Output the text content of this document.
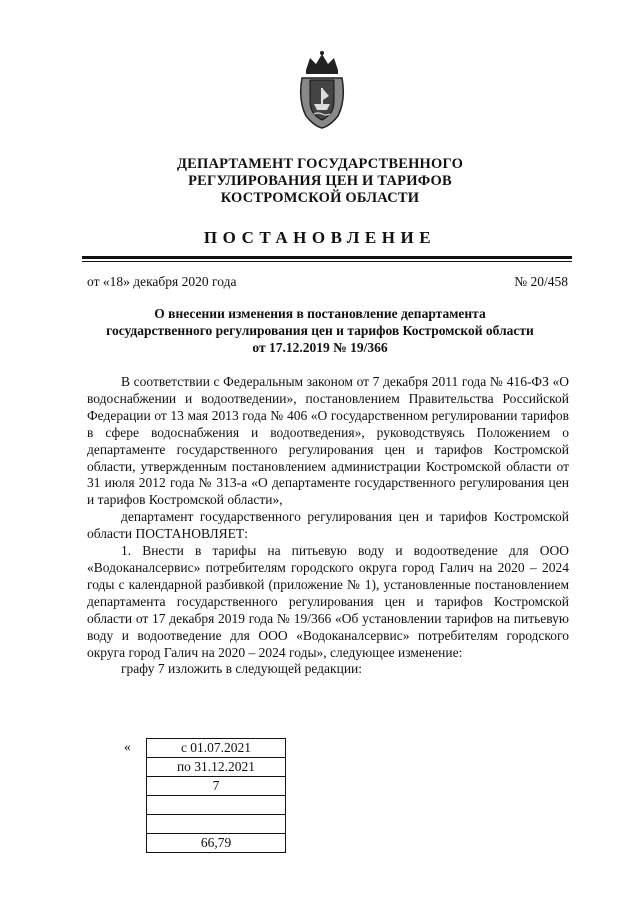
ДЕПАРТАМЕНТ ГОСУДАРСТВЕННОГО
РЕГУЛИРОВАНИЯ ЦЕН И ТАРИФОВ
КОСТРОМСКОЙ ОБЛАСТИ
ПОСТАНОВЛЕНИЕ
от «18» декабря 2020 года	№ 20/458
О внесении изменения в постановление департамента
государственного регулирования цен и тарифов Костромской области
от 17.12.2019 № 19/366

В соответствии с Федеральным законом от 7 декабря 2011 года № 416-ФЗ «О водоснабжении и водоотведении», постановлением Правительства Российской Федерации от 13 мая 2013 года № 406 «О государственном регулировании тарифов в сфере водоснабжения и водоотведения», руководствуясь Положением о департаменте государственного регулирования цен и тарифов Костромской области, утвержденным постановлением администрации Костромской области от 31 июля 2012 года № 313-а «О департаменте государственного регулирования цен и тарифов Костромской области»,

департамент государственного регулирования цен и тарифов Костромской области ПОСТАНОВЛЯЕТ:

1. Внести в тарифы на питьевую воду и водоотведение для ООО «Водоканалсервис» потребителям городского округа город Галич на 2020 – 2024 годы с календарной разбивкой (приложение № 1), установленные постановлением департамента государственного регулирования цен и тарифов Костромской области от 17 декабря 2019 года № 19/366 «Об установлении тарифов на питьевую воду и водоотведение для ООО «Водоканалсервис» потребителям городского округа город Галич на 2020 – 2024 годы», следующее изменение:

графу 7 изложить в следующей редакции:

«	с 01.07.2021
по 31.12.2021
7

66,79
